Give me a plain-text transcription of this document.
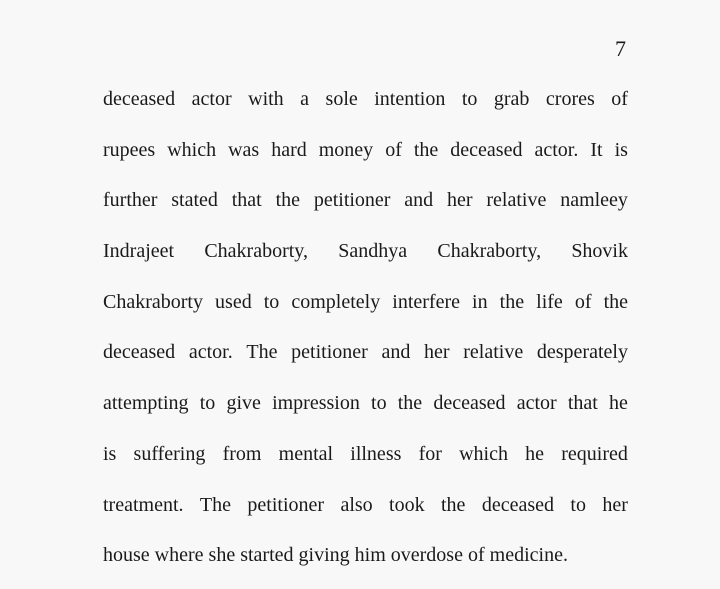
7
deceased actor with a sole intention to grab crores of
rupees which was hard money of the deceased actor. It is
further stated that the petitioner and her relative namleey
Indrajeet Chakraborty, Sandhya Chakraborty, Shovik
Chakraborty used to completely interfere in the life of the
deceased actor. The petitioner and her relative desperately
attempting to give impression to the deceased actor that he
is suffering from mental illness for which he required
treatment. The petitioner also took the deceased to her
house
where
she
started
giving
him
overdose
of
medicine.
